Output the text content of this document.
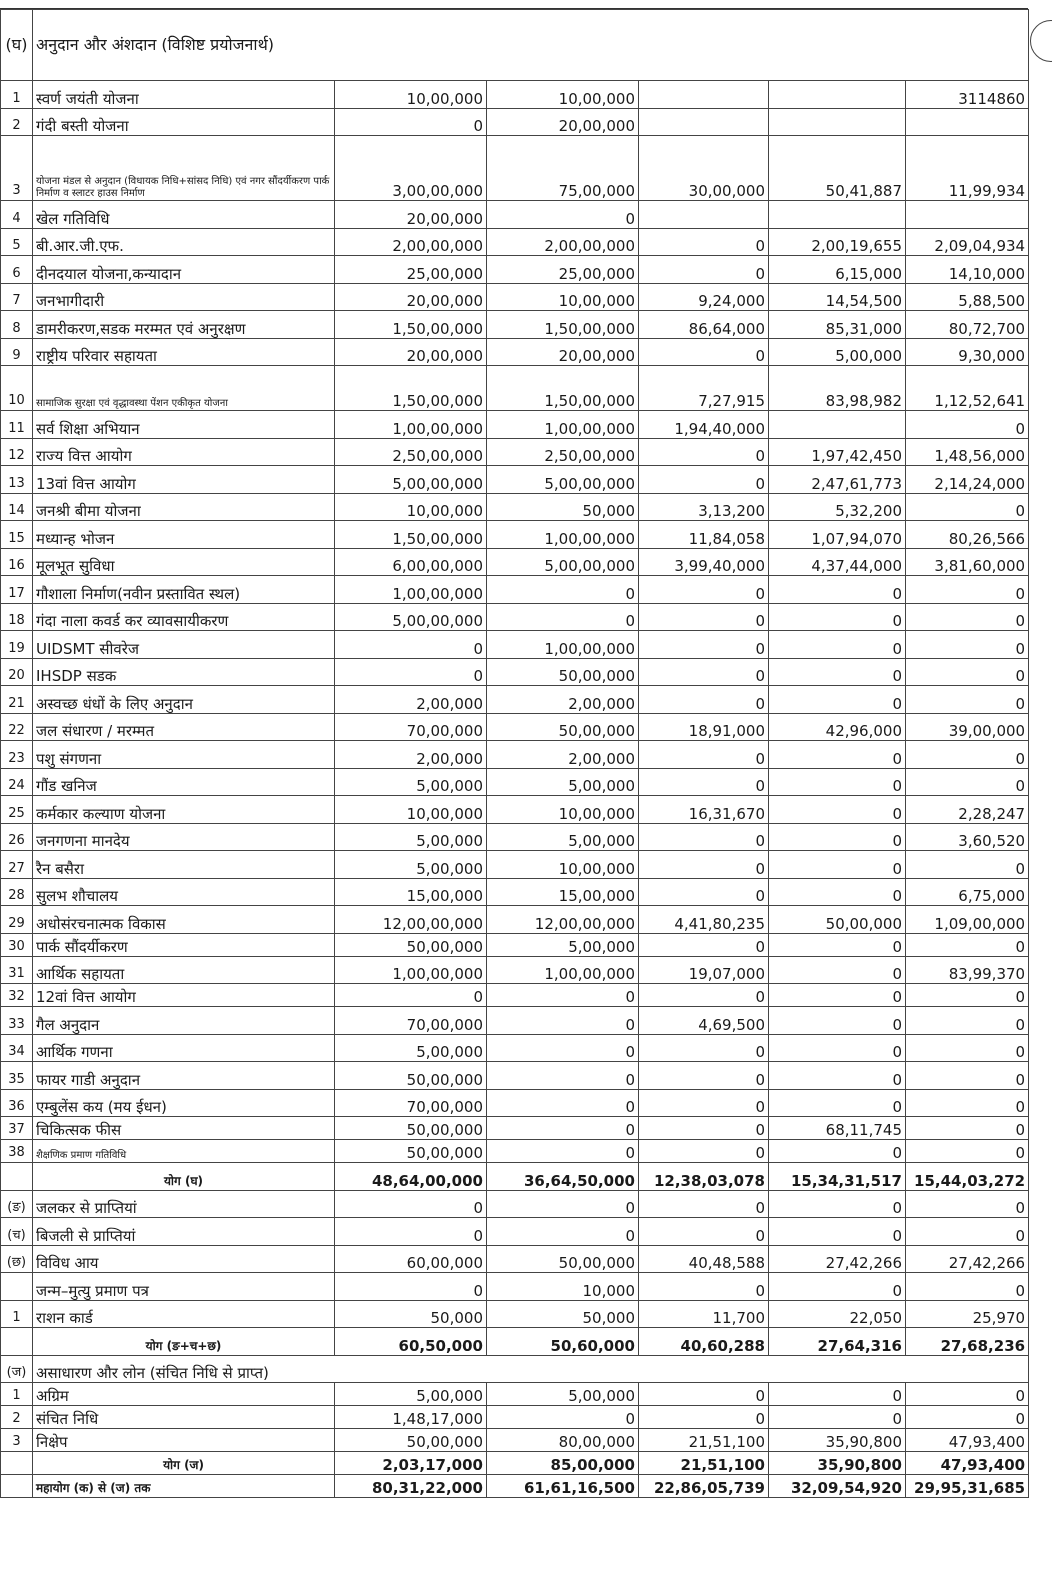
(घ)	अनुदान और अंशदान (विशिष्ट प्रयोजनार्थ)					
1	स्वर्ण जयंती योजना	10,00,000	10,00,000			3114860
2	गंदी बस्ती योजना	0	20,00,000			
3	योजना मंडल से अनुदान (विधायक निधि+सांसद निधि) एवं नगर सौंदर्यीकरण पार्क निर्माण व स्लाटर हाउस निर्माण	3,00,00,000	75,00,000	30,00,000	50,41,887	11,99,934
4	खेल गतिविधि	20,00,000	0			
5	बी.आर.जी.एफ.	2,00,00,000	2,00,00,000	0	2,00,19,655	2,09,04,934
6	दीनदयाल योजना,कन्यादान	25,00,000	25,00,000	0	6,15,000	14,10,000
7	जनभागीदारी	20,00,000	10,00,000	9,24,000	14,54,500	5,88,500
8	डामरीकरण,सडक मरम्मत एवं अनुरक्षण	1,50,00,000	1,50,00,000	86,64,000	85,31,000	80,72,700
9	राष्ट्रीय परिवार सहायता	20,00,000	20,00,000	0	5,00,000	9,30,000
10	सामाजिक सुरक्षा एवं वृद्धावस्था पेंशन एकीकृत योजना	1,50,00,000	1,50,00,000	7,27,915	83,98,982	1,12,52,641
11	सर्व शिक्षा अभियान	1,00,00,000	1,00,00,000	1,94,40,000		0
12	राज्य वित्त आयोग	2,50,00,000	2,50,00,000	0	1,97,42,450	1,48,56,000
13	13वां वित्त आयोग	5,00,00,000	5,00,00,000	0	2,47,61,773	2,14,24,000
14	जनश्री बीमा योजना	10,00,000	50,000	3,13,200	5,32,200	0
15	मध्यान्ह भोजन	1,50,00,000	1,00,00,000	11,84,058	1,07,94,070	80,26,566
16	मूलभूत सुविधा	6,00,00,000	5,00,00,000	3,99,40,000	4,37,44,000	3,81,60,000
17	गौशाला निर्माण(नवीन प्रस्तावित स्थल)	1,00,00,000	0	0	0	0
18	गंदा नाला कवर्ड कर व्यावसायीकरण	5,00,00,000	0	0	0	0
19	UIDSMT सीवरेज	0	1,00,00,000	0	0	0
20	IHSDP सडक	0	50,00,000	0	0	0
21	अस्वच्छ धंधों के लिए अनुदान	2,00,000	2,00,000	0	0	0
22	जल संधारण / मरम्मत	70,00,000	50,00,000	18,91,000	42,96,000	39,00,000
23	पशु संगणना	2,00,000	2,00,000	0	0	0
24	गौंड खनिज	5,00,000	5,00,000	0	0	0
25	कर्मकार कल्याण योजना	10,00,000	10,00,000	16,31,670	0	2,28,247
26	जनगणना मानदेय	5,00,000	5,00,000	0	0	3,60,520
27	रैन बसैरा	5,00,000	10,00,000	0	0	0
28	सुलभ शौचालय	15,00,000	15,00,000	0	0	6,75,000
29	अधोसंरचनात्मक विकास	12,00,00,000	12,00,00,000	4,41,80,235	50,00,000	1,09,00,000
30	पार्क सौंदर्यीकरण	50,00,000	5,00,000	0	0	0
31	आर्थिक सहायता	1,00,00,000	1,00,00,000	19,07,000	0	83,99,370
32	12वां वित्त आयोग	0	0	0	0	0
33	गैल अनुदान	70,00,000	0	4,69,500	0	0
34	आर्थिक गणना	5,00,000	0	0	0	0
35	फायर गाडी अनुदान	50,00,000	0	0	0	0
36	एम्बुलेंस कय (मय ईधन)	70,00,000	0	0	0	0
37	चिकित्सक फीस	50,00,000	0	0	68,11,745	0
38	शैक्षणिक प्रमाण गतिविधि	50,00,000	0	0	0	0
	योग (घ)	48,64,00,000	36,64,50,000	12,38,03,078	15,34,31,517	15,44,03,272
(ङ)	जलकर से प्राप्तियां	0	0	0	0	0
(च)	बिजली से प्राप्तियां	0	0	0	0	0
(छ)	विविध आय	60,00,000	50,00,000	40,48,588	27,42,266	27,42,266
	जन्म–मुत्यु प्रमाण पत्र	0	10,000	0	0	0
1	राशन कार्ड	50,000	50,000	11,700	22,050	25,970
	योग (ङ+च+छ)	60,50,000	50,60,000	40,60,288	27,64,316	27,68,236
(ज)	असाधारण और लोन (संचित निधि से प्राप्त)					
1	अग्रिम	5,00,000	5,00,000	0	0	0
2	संचित निधि	1,48,17,000	0	0	0	0
3	निक्षेप	50,00,000	80,00,000	21,51,100	35,90,800	47,93,400
	योग (ज)	2,03,17,000	85,00,000	21,51,100	35,90,800	47,93,400
	महायोग (क) से (ज) तक	80,31,22,000	61,61,16,500	22,86,05,739	32,09,54,920	29,95,31,685
